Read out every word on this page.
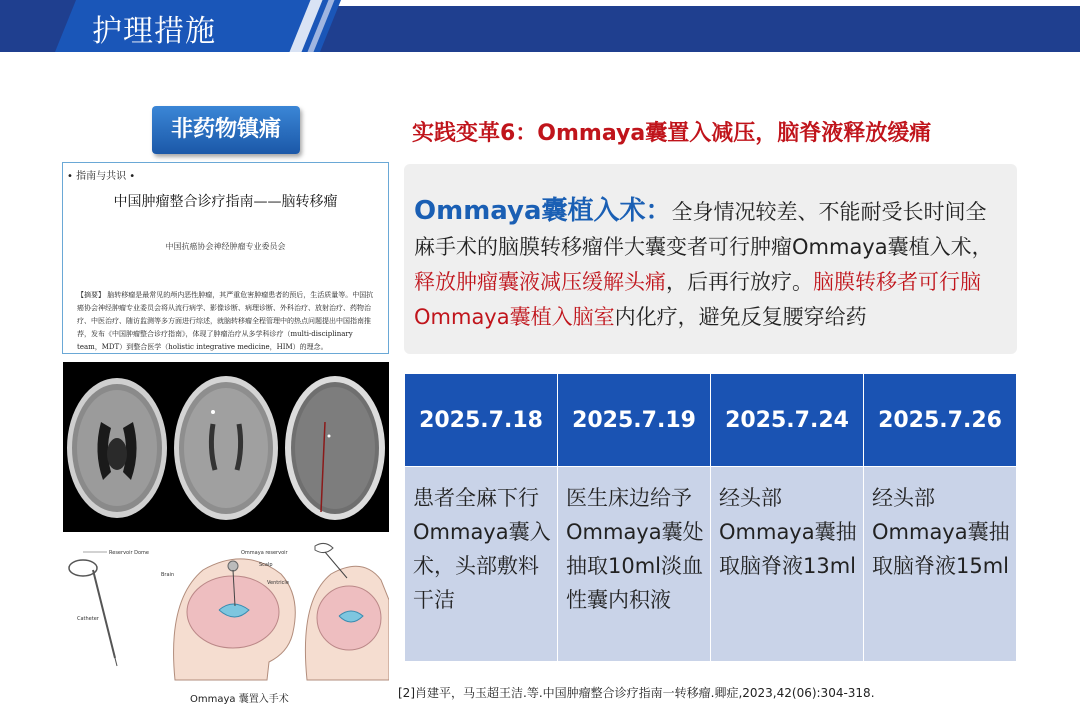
护理措施
非药物镇痛
• 指南与共识 •
中国肿瘤整合诊疗指南——脑转移瘤
中国抗癌协会神经肿瘤专业委员会
【摘要】 脑转移瘤是最常见的颅内恶性肿瘤，其严重危害肿瘤患者的预后，生活质量等。中国抗癌协会神经肿瘤专业委员会将从流行病学、影像诊断、病理诊断、外科治疗、放射治疗、药物治疗、中医治疗、随访监测等多方面进行综述，就脑转移瘤全程管理中的热点问题提出中国指南推荐，发布《中国肿瘤整合诊疗指南》，体现了肿瘤治疗从多学科诊疗（multi-disciplinary team，MDT）到整合医学（holistic integrative medicine，HIM）的理念。
Reservoir Dome
Catheter
Ommaya reservoir
Scalp
Brain
Ventricle
Ommaya 囊置入手术
实践变革6：Ommaya囊置入减压，脑脊液释放缓痛
Ommaya囊植入术：全身情况较差、不能耐受长时间全麻手术的脑膜转移瘤伴大囊变者可行肿瘤Ommaya囊植入术，释放肿瘤囊液减压缓解头痛，后再行放疗。脑膜转移者可行脑Ommaya囊植入脑室内化疗，避免反复腰穿给药
2025.7.18	2025.7.19	2025.7.24	2025.7.26
患者全麻下行Ommaya囊入术，头部敷料干洁	医生床边给予Ommaya囊处抽取10ml淡血性囊内积液	经头部Ommaya囊抽取脑脊液13ml	经头部Ommaya囊抽取脑脊液15ml
[2]肖建平，马玉超王洁.等.中国肿瘤整合诊疗指南一转移瘤.卿症,2023,42(06):304-318.
